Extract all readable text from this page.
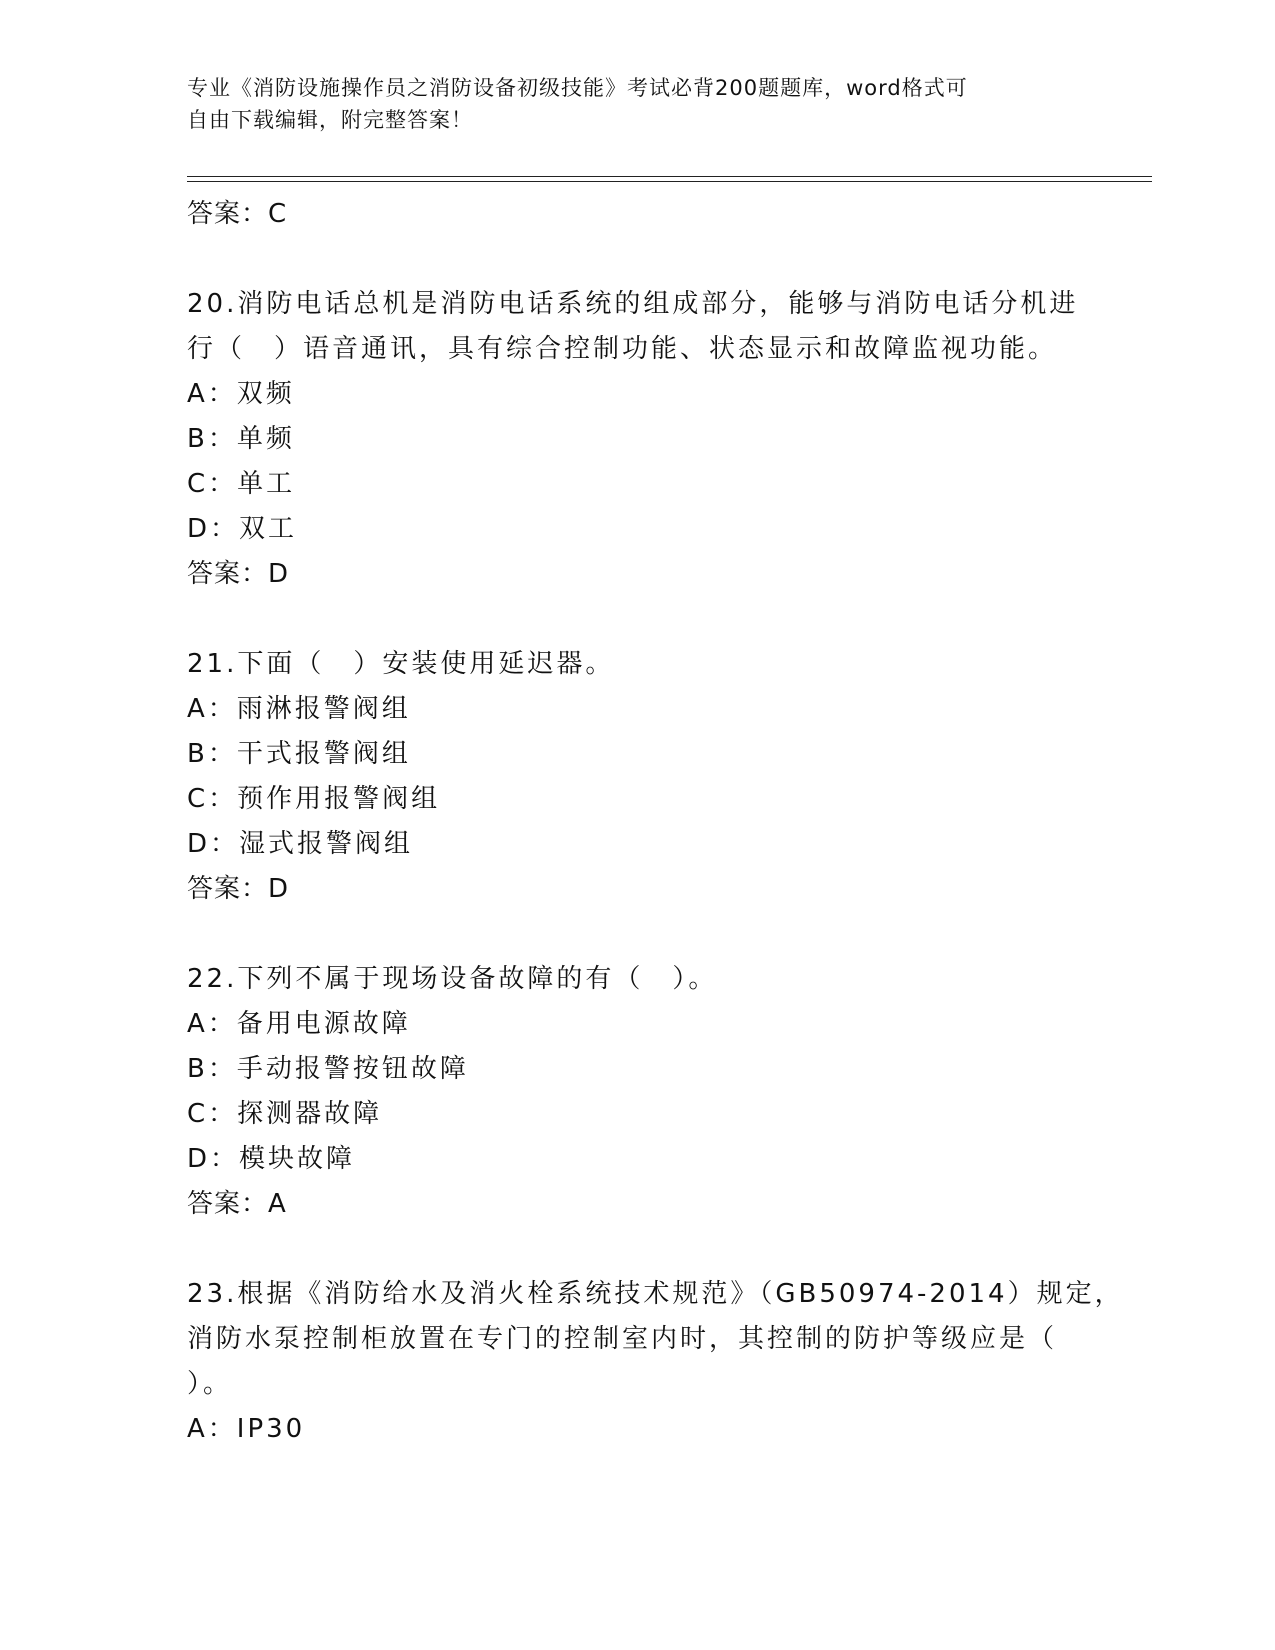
专业《消防设施操作员之消防设备初级技能》考试必背200题题库，word格式可
自由下载编辑，附完整答案！
答案：C
20.消防电话总机是消防电话系统的组成部分，能够与消防电话分机进
行（　）语音通讯，具有综合控制功能、状态显示和故障监视功能。
A：双频
B：单频
C：单工
D：双工
答案：D
21.下面（　）安装使用延迟器。
A：雨淋报警阀组
B：干式报警阀组
C：预作用报警阀组
D：湿式报警阀组
答案：D
22.下列不属于现场设备故障的有（　）。
A：备用电源故障
B：手动报警按钮故障
C：探测器故障
D：模块故障
答案：A
23.根据《消防给水及消火栓系统技术规范》（GB50974-2014）规定，
消防水泵控制柜放置在专门的控制室内时，其控制的防护等级应是（
）。
A：IP30
